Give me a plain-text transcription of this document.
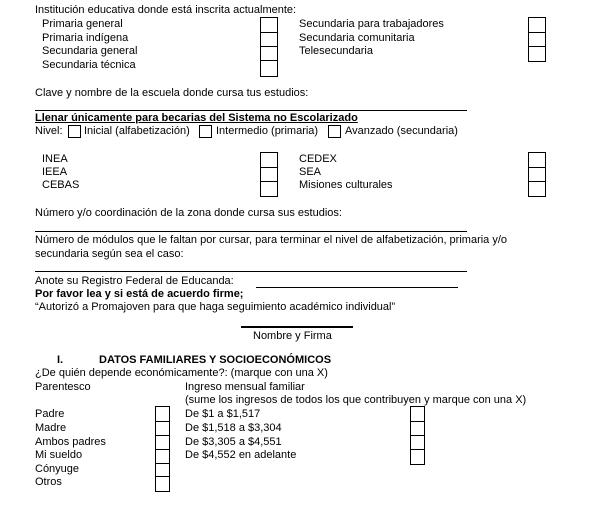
Institución educativa donde está inscrita actualmente:
Primaria general
Primaria indígena
Secundaria general
Secundaria técnica
Secundaria para trabajadores
Secundaria comunitaria
Telesecundaria
Clave y nombre de la escuela donde cursa tus estudios:
Llenar únicamente para becarias del Sistema no Escolarizado
Nivel: Inicial (alfabetización) Intermedio (primaria) Avanzado (secundaria)
INEA
IEEA
CEBAS
CEDEX
SEA
Misiones culturales
Número y/o coordinación de la zona donde cursa sus estudios:
Número de módulos que le faltan por cursar, para terminar el nivel de alfabetización, primaria y/o
secundaria según sea el caso:
Anote su Registro Federal de Educanda:
Por favor lea y si está de acuerdo firme;
“Autorizó a Promajoven para que haga seguimiento académico individual”
Nombre y Firma
I.	DATOS FAMILIARES Y SOCIOECONÓMICOS
¿De quién depende económicamente?: (marque con una X)
Parentesco	Ingreso mensual familiar
(sume los ingresos de todos los que contribuyen y marque con una X)
Padre
Madre
Ambos padres
Mi sueldo
Cónyuge
Otros
De $1 a $1,517
De $1,518 a $3,304
De $3,305 a $4,551
De $4,552 en adelante
